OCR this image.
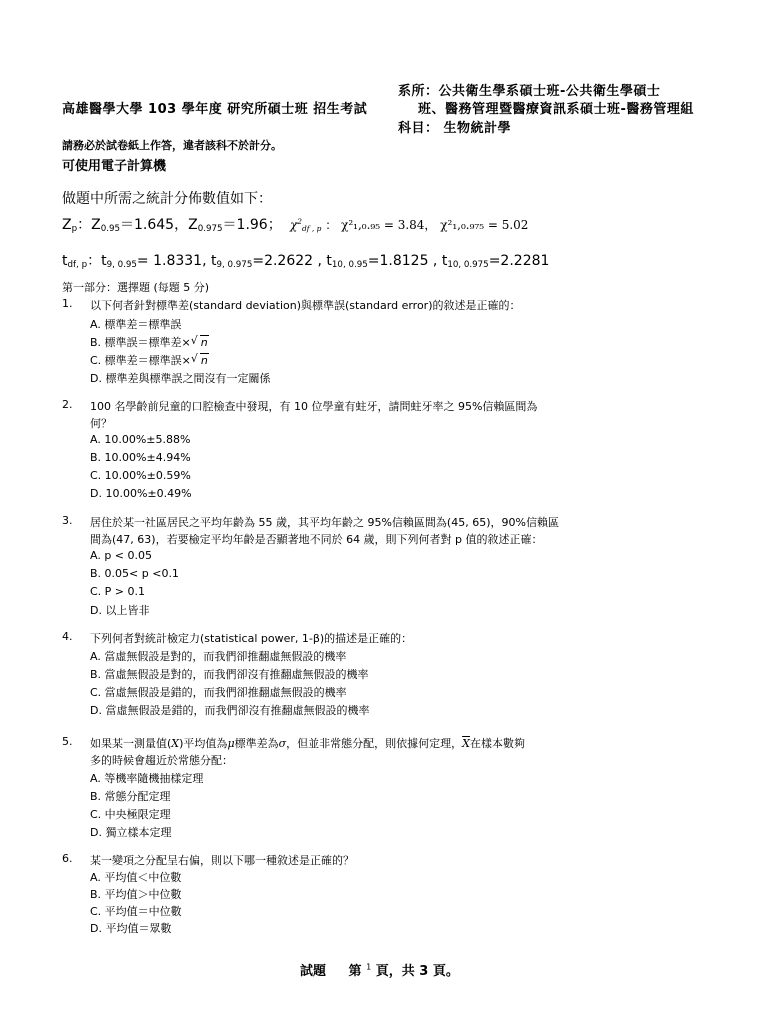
系所：公共衛生學系碩士班-公共衛生學碩士
高雄醫學大學 103 學年度 研究所碩士班 招生考試	班、醫務管理暨醫療資訊系碩士班-醫務管理組
科目： 生物統計學
請務必於試卷紙上作答，違者該科不於計分。
可使用電子計算機
做題中所需之統計分佈數值如下：
$Z_p$：$Z_{0.95}=1.645$，$Z_{0.975}=1.96$； $\chi^2_{df , p}$ ： χ²₁,₀.₉₅ = 3.84， χ²₁,₀.₉₇₅ = 5.02
$t_{df, p}$：$t_{9, 0.95}= 1.8331$, $t_{9, 0.975}=2.2622$ , $t_{10, 0.95}=1.8125$ , $t_{10, 0.975}=2.2281$
第一部分：選擇題 (每題 5 分)
1. 以下何者針對標準差(standard deviation)與標準誤(standard error)的敘述是正確的：
A. 標準差＝標準誤
B. 標準誤＝標準差× √ n
C. 標準差＝標準誤× √ n
D. 標準差與標準誤之間沒有一定關係
2. 100 名學齡前兒童的口腔檢查中發現，有 10 位學童有蛀牙，請問蛀牙率之 95%信賴區間為
何？
A. 10.00%±5.88%
B. 10.00%±4.94%
C. 10.00%±0.59%
D. 10.00%±0.49%
3. 居住於某一社區居民之平均年齡為 55 歲，其平均年齡之 95%信賴區間為(45, 65)，90%信賴區
間為(47, 63)，若要檢定平均年齡是否顯著地不同於 64 歲，則下列何者對 p 值的敘述正確：
A. p < 0.05
B. 0.05< p <0.1
C. P > 0.1
D. 以上皆非
4. 下列何者對統計檢定力(statistical power, 1-β)的描述是正確的：
A. 當虛無假設是對的，而我們卻推翻虛無假設的機率
B. 當虛無假設是對的，而我們卻沒有推翻虛無假設的機率
C. 當虛無假設是錯的，而我們卻推翻虛無假設的機率
D. 當虛無假設是錯的，而我們卻沒有推翻虛無假設的機率
5. 如果某一測量值(X)平均值為μ標準差為σ，但並非常態分配，則依據何定理，$\overline{X}$在樣本數夠
多的時候會趨近於常態分配：
A. 等機率隨機抽樣定理
B. 常態分配定理
C. 中央極限定理
D. 獨立樣本定理
6. 某一變項之分配呈右偏，則以下哪一種敘述是正確的？
A. 平均值＜中位數
B. 平均值＞中位數
C. 平均值＝中位數
D. 平均值＝眾數
試題 第 $^1$ 頁，共 3 頁。
